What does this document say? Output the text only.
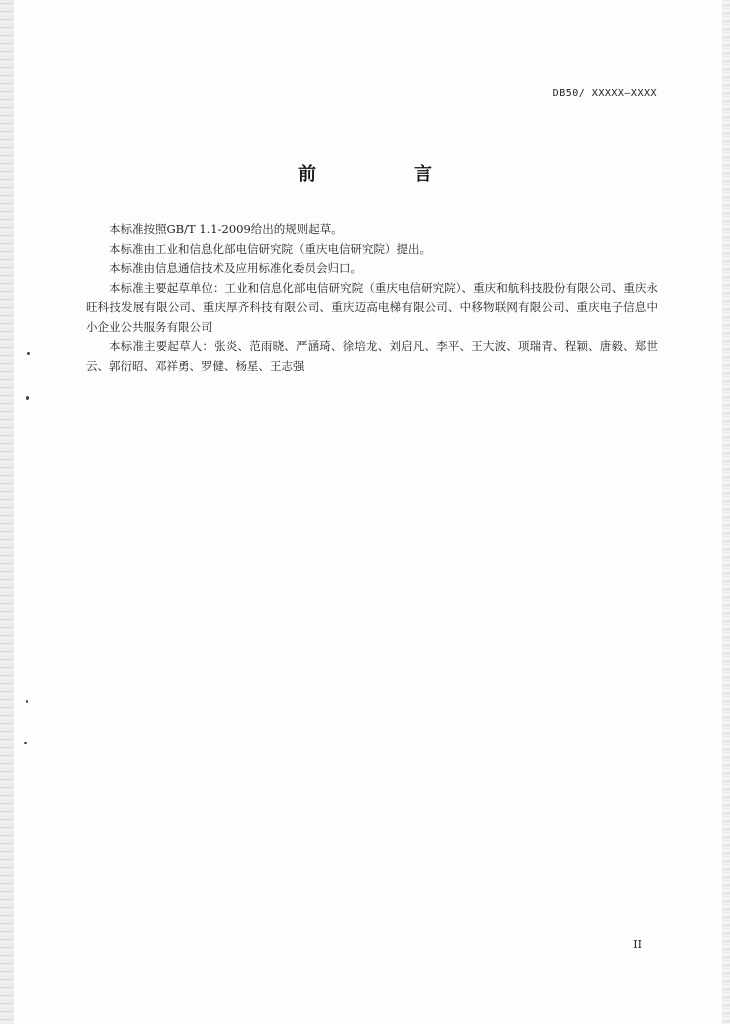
DB50/ XXXXX—XXXX
前　言

本标准按照GB/T 1.1-2009给出的规则起草。

本标准由工业和信息化部电信研究院（重庆电信研究院）提出。

本标准由信息通信技术及应用标准化委员会归口。

本标准主要起草单位：工业和信息化部电信研究院（重庆电信研究院）、重庆和航科技股份有限公司、重庆永旺科技发展有限公司、重庆厚齐科技有限公司、重庆迈高电梯有限公司、中移物联网有限公司、重庆电子信息中小企业公共服务有限公司

本标准主要起草人：张炎、范雨晓、严涵琦、徐培龙、刘启凡、李平、王大波、项瑞青、程颖、唐毅、郑世云、郭衍昭、邓祥勇、罗健、杨星、王志强

II
